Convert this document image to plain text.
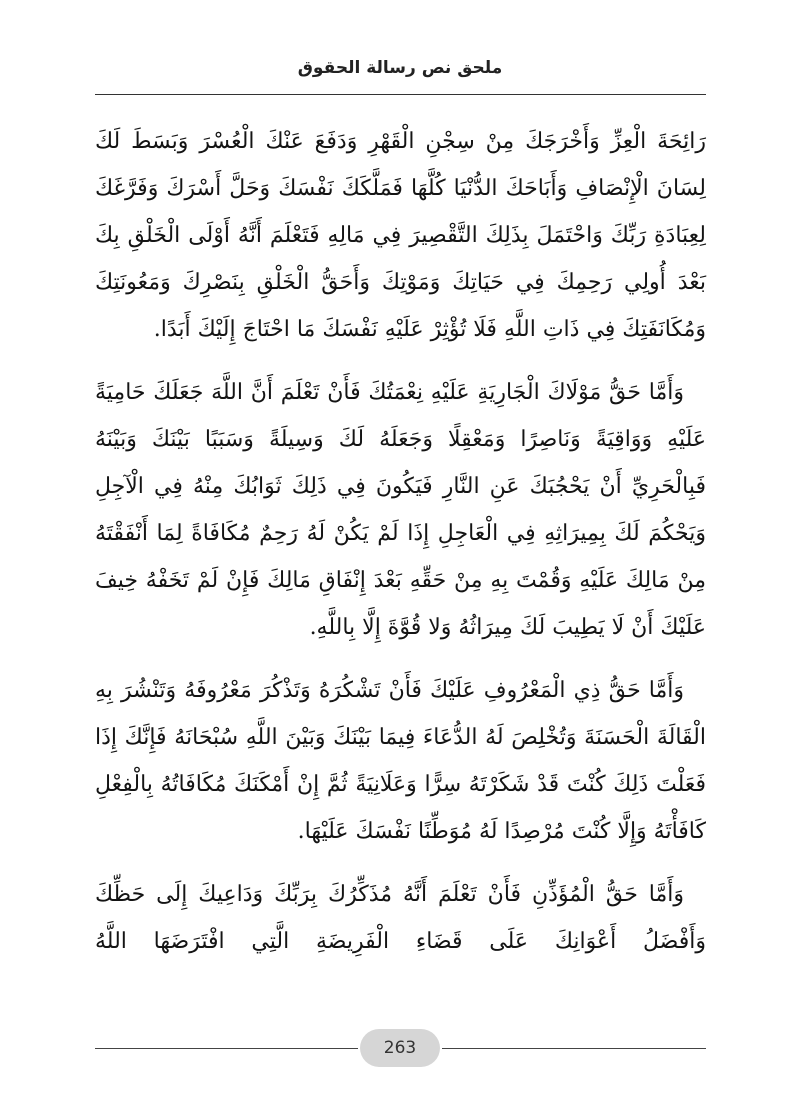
ملحق نص رسالة الحقوق

رَائِحَةَ الْعِزِّ وَأَخْرَجَكَ مِنْ سِجْنِ الْقَهْرِ وَدَفَعَ عَنْكَ الْعُسْرَ وَبَسَطَ لَكَ لِسَانَ الْإِنْصَافِ وَأَبَاحَكَ الدُّنْيَا كُلَّهَا فَمَلَّكَكَ نَفْسَكَ وَحَلَّ أَسْرَكَ وَفَرَّغَكَ لِعِبَادَةِ رَبِّكَ وَاحْتَمَلَ بِذَلِكَ التَّقْصِيرَ فِي مَالِهِ فَتَعْلَمَ أَنَّهُ أَوْلَى الْخَلْقِ بِكَ بَعْدَ أُولِي رَحِمِكَ فِي حَيَاتِكَ وَمَوْتِكَ وَأَحَقُّ الْخَلْقِ بِنَصْرِكَ وَمَعُونَتِكَ وَمُكَانَفَتِكَ فِي ذَاتِ اللَّهِ فَلَا تُؤْثِرْ عَلَيْهِ نَفْسَكَ مَا احْتَاجَ إِلَيْكَ أَبَدًا.

وَأَمَّا حَقُّ مَوْلَاكَ الْجَارِيَةِ عَلَيْهِ نِعْمَتُكَ فَأَنْ تَعْلَمَ أَنَّ اللَّهَ جَعَلَكَ حَامِيَةً عَلَيْهِ وَوَاقِيَةً وَنَاصِرًا وَمَعْقِلًا وَجَعَلَهُ لَكَ وَسِيلَةً وَسَبَبًا بَيْنَكَ وَبَيْنَهُ فَبِالْحَرِيِّ أَنْ يَحْجُبَكَ عَنِ النَّارِ فَيَكُونَ فِي ذَلِكَ ثَوَابُكَ مِنْهُ فِي الْآجِلِ وَيَحْكُمَ لَكَ بِمِيرَاثِهِ فِي الْعَاجِلِ إِذَا لَمْ يَكُنْ لَهُ رَحِمٌ مُكَافَاةً لِمَا أَنْفَقْتَهُ مِنْ مَالِكَ عَلَيْهِ وَقُمْتَ بِهِ مِنْ حَقِّهِ بَعْدَ إِنْفَاقِ مَالِكَ فَإِنْ لَمْ تَخَفْهُ خِيفَ عَلَيْكَ أَنْ لَا يَطِيبَ لَكَ مِيرَاثُهُ وَلا قُوَّةَ إِلَّا بِاللَّهِ.

وَأَمَّا حَقُّ ذِي الْمَعْرُوفِ عَلَيْكَ فَأَنْ تَشْكُرَهُ وَتَذْكُرَ مَعْرُوفَهُ وَتَنْشُرَ بِهِ الْقَالَةَ الْحَسَنَةَ وَتُخْلِصَ لَهُ الدُّعَاءَ فِيمَا بَيْنَكَ وَبَيْنَ اللَّهِ سُبْحَانَهُ فَإِنَّكَ إِذَا فَعَلْتَ ذَلِكَ كُنْتَ قَدْ شَكَرْتَهُ سِرًّا وَعَلَانِيَةً ثُمَّ إِنْ أَمْكَنَكَ مُكَافَاتُهُ بِالْفِعْلِ كَافَأْتَهُ وَإِلَّا كُنْتَ مُرْصِدًا لَهُ مُوَطِّنًا نَفْسَكَ عَلَيْهَا.

وَأَمَّا حَقُّ الْمُؤَذِّنِ فَأَنْ تَعْلَمَ أَنَّهُ مُذَكِّرُكَ بِرَبِّكَ وَدَاعِيكَ إِلَى حَظِّكَ وَأَفْضَلُ أَعْوَانِكَ عَلَى قَضَاءِ الْفَرِيضَةِ الَّتِي افْتَرَضَهَا اللَّهُ

263
